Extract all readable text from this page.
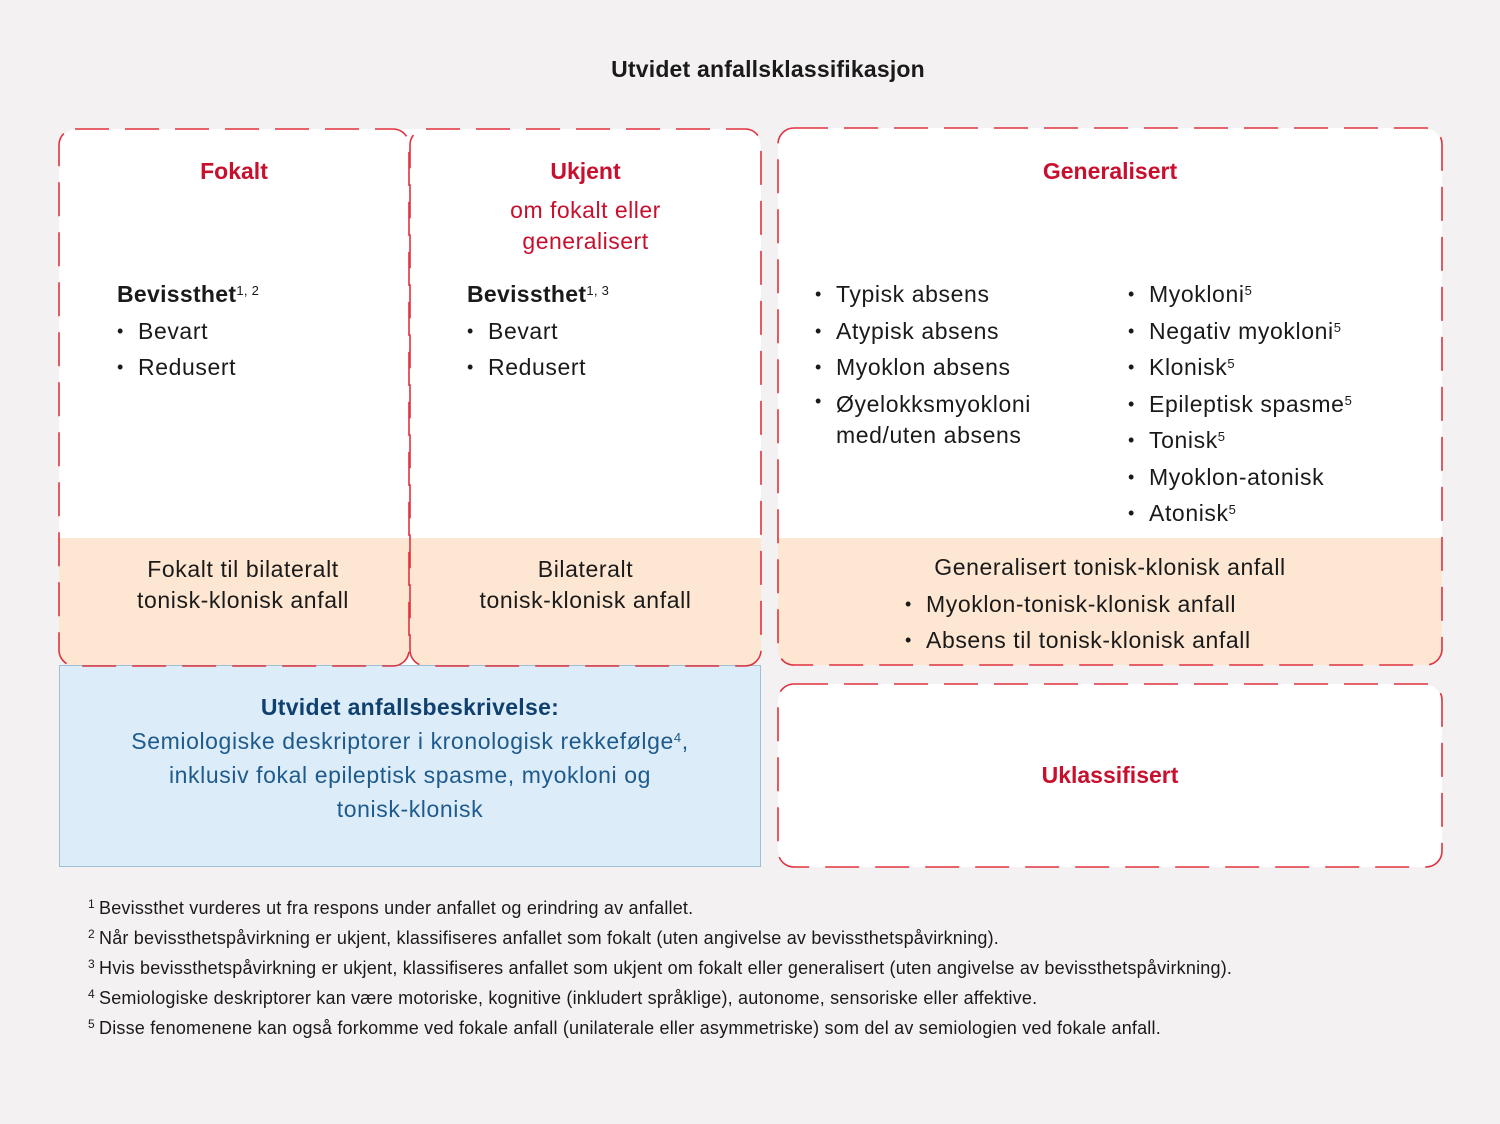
Utvidet anfallsklassifikasjon
Fokalt
Bevissthet$^{1, 2}$
• Bevart
• Redusert
Fokalt til bilateralt
tonisk-klonisk anfall
Ukjent
om fokalt eller
generalisert
Bevissthet$^{1, 3}$
• Bevart
• Redusert
Bilateralt
tonisk-klonisk anfall
Generalisert
• Typisk absens
• Atypisk absens
• Myoklon absens
• Øyelokksmyokloni
med/uten absens
• Myokloni$^5$
• Negativ myokloni$^5$
• Klonisk$^5$
• Epileptisk spasme$^5$
• Tonisk$^5$
• Myoklon-atonisk
• Atonisk$^5$
Generalisert tonisk-klonisk anfall
• Myoklon-tonisk-klonisk anfall
• Absens til tonisk-klonisk anfall
Utvidet anfallsbeskrivelse:
Semiologiske deskriptorer i kronologisk rekkefølge$^4$,
inklusiv fokal epileptisk spasme, myokloni og
tonisk-klonisk
Uklassifisert
1 Bevissthet vurderes ut fra respons under anfallet og erindring av anfallet.
2 Når bevissthetspåvirkning er ukjent, klassifiseres anfallet som fokalt (uten angivelse av bevissthetspåvirkning).
3 Hvis bevissthetspåvirkning er ukjent, klassifiseres anfallet som ukjent om fokalt eller generalisert (uten angivelse av bevissthetspåvirkning).
4 Semiologiske deskriptorer kan være motoriske, kognitive (inkludert språklige), autonome, sensoriske eller affektive.
5 Disse fenomenene kan også forkomme ved fokale anfall (unilaterale eller asymmetriske) som del av semiologien ved fokale anfall.
